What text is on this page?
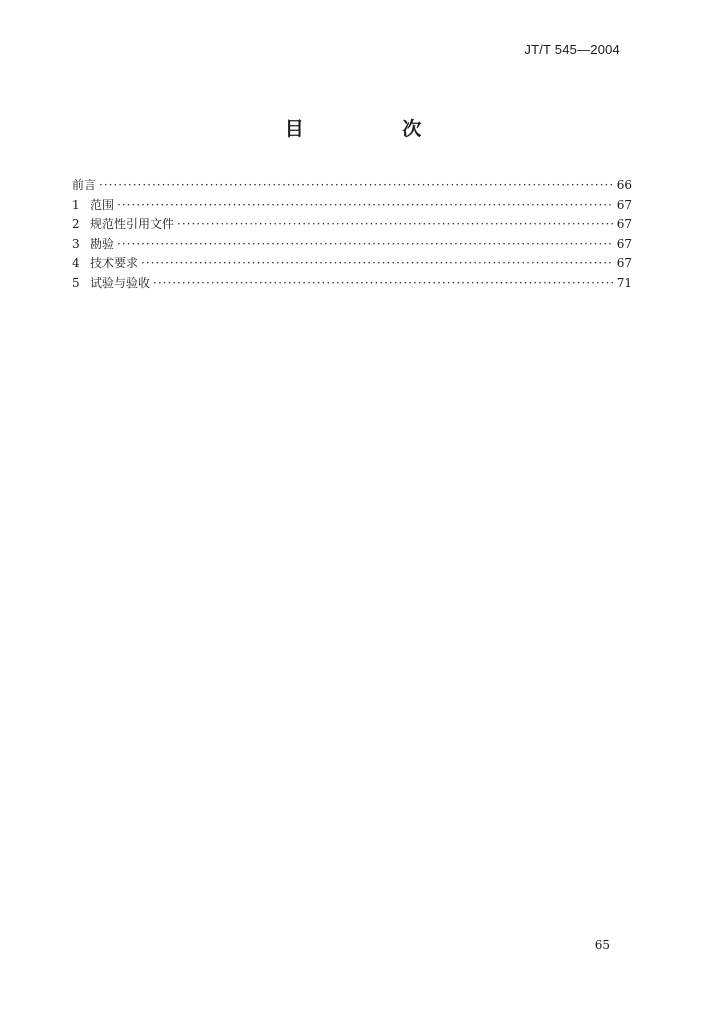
JT/T 545—2004
目 次
前言 ·····	66
1 范围 ·····	67
2 规范性引用文件 ·····	67
3 勘验 ·····	67
4 技术要求 ·····	67
5 试验与验收 ·····	71
65
